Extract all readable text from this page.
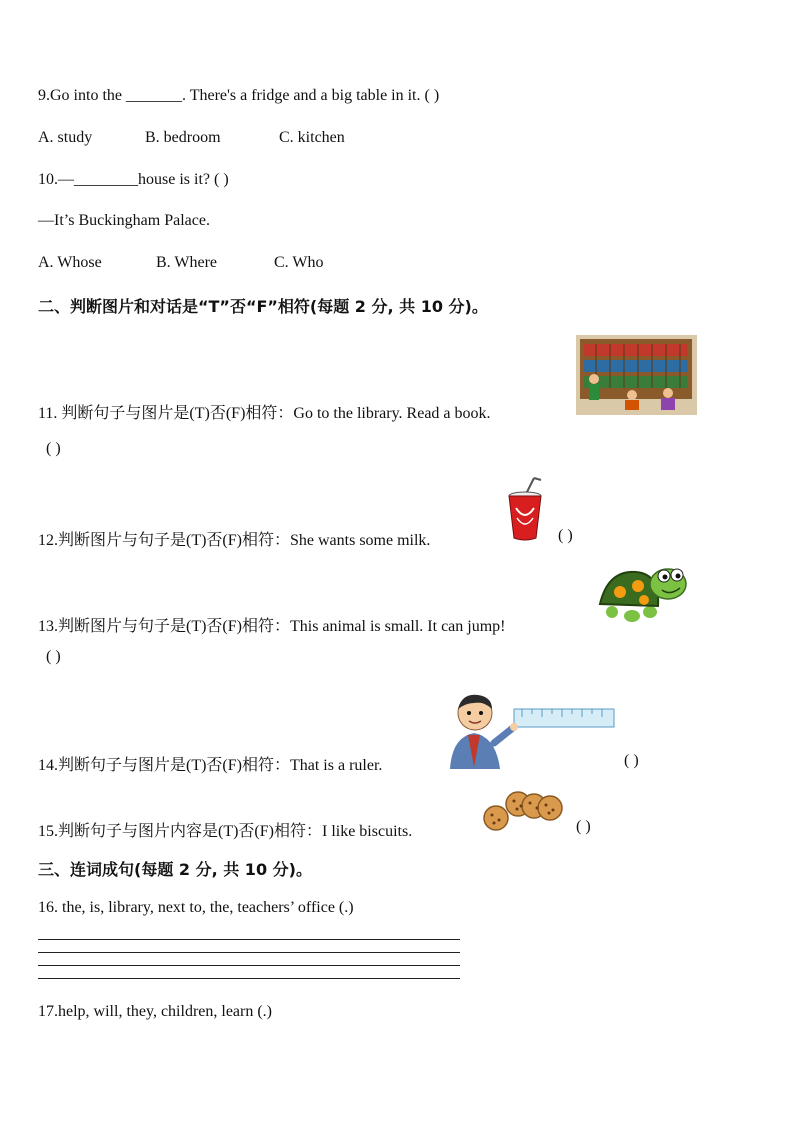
9.Go into the _______. There's a fridge and a big table in it. ( )
A. study	B. bedroom	C. kitchen
10.—________house is it? ( )
—It’s Buckingham Palace.
A. Whose	B. Where	C. Who
二、判断图片和对话是“T”否“F”相符(每题 2 分, 共 10 分)。
11. 判断句子与图片是(T)否(F)相符：Go to the library. Read a book.
( )
12.判断图片与句子是(T)否(F)相符：She wants some milk.	( )
13.判断图片与句子是(T)否(F)相符：This animal is small. It can jump!
( )
14.判断句子与图片是(T)否(F)相符：That is a ruler.	( )
15.判断句子与图片内容是(T)否(F)相符：I like biscuits.	( )
三、连词成句(每题 2 分, 共 10 分)。
16. the, is, library, next to, the, teachers’ office (.)
17.help, will, they, children, learn (.)
